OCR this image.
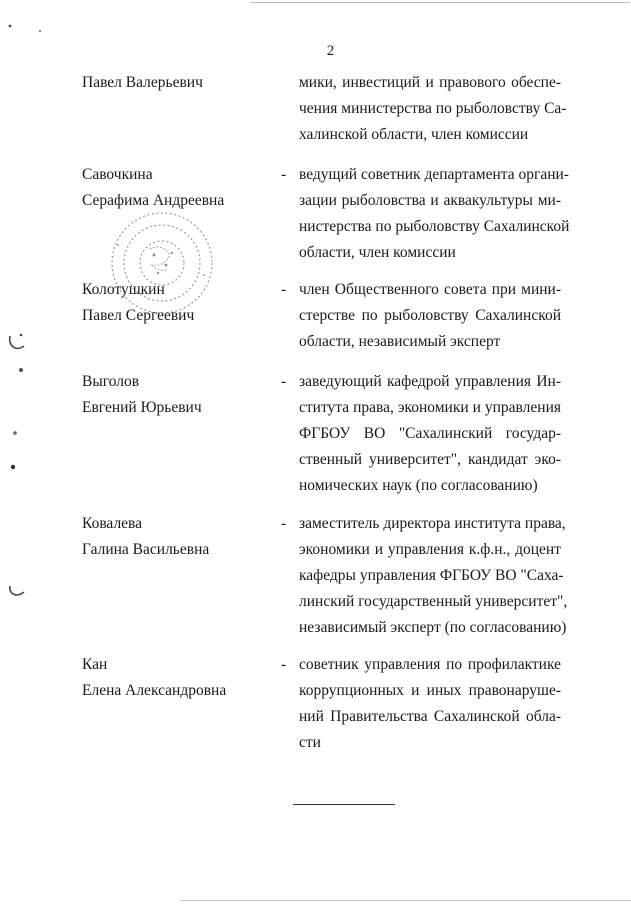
2
Павел Валерьевич	мики, инвестиций и правового обеспе-
чения министерства по рыболовству Са-
халинской области, член комиссии
Савочкина
Серафима Андреевна
- ведущий советник департамента органи-
зации рыболовства и аквакультуры ми-
нистерства по рыболовству Сахалинской
области, член комиссии
Колотушкин
Павел Сергеевич
- член Общественного совета при мини-
стерстве по рыболовству Сахалинской
области, независимый эксперт
Выголов
Евгений Юрьевич
- заведующий кафедрой управления Ин-
ститута права, экономики и управления
ФГБОУ ВО "Сахалинский государ-
ственный университет", кандидат эко-
номических наук (по согласованию)
Ковалева
Галина Васильевна
- заместитель директора института права,
экономики и управления к.ф.н., доцент
кафедры управления ФГБОУ ВО "Саха-
линский государственный университет",
независимый эксперт (по согласованию)
Кан
Елена Александровна
- советник управления по профилактике
коррупционных и иных правонаруше-
ний Правительства Сахалинской обла-
сти
